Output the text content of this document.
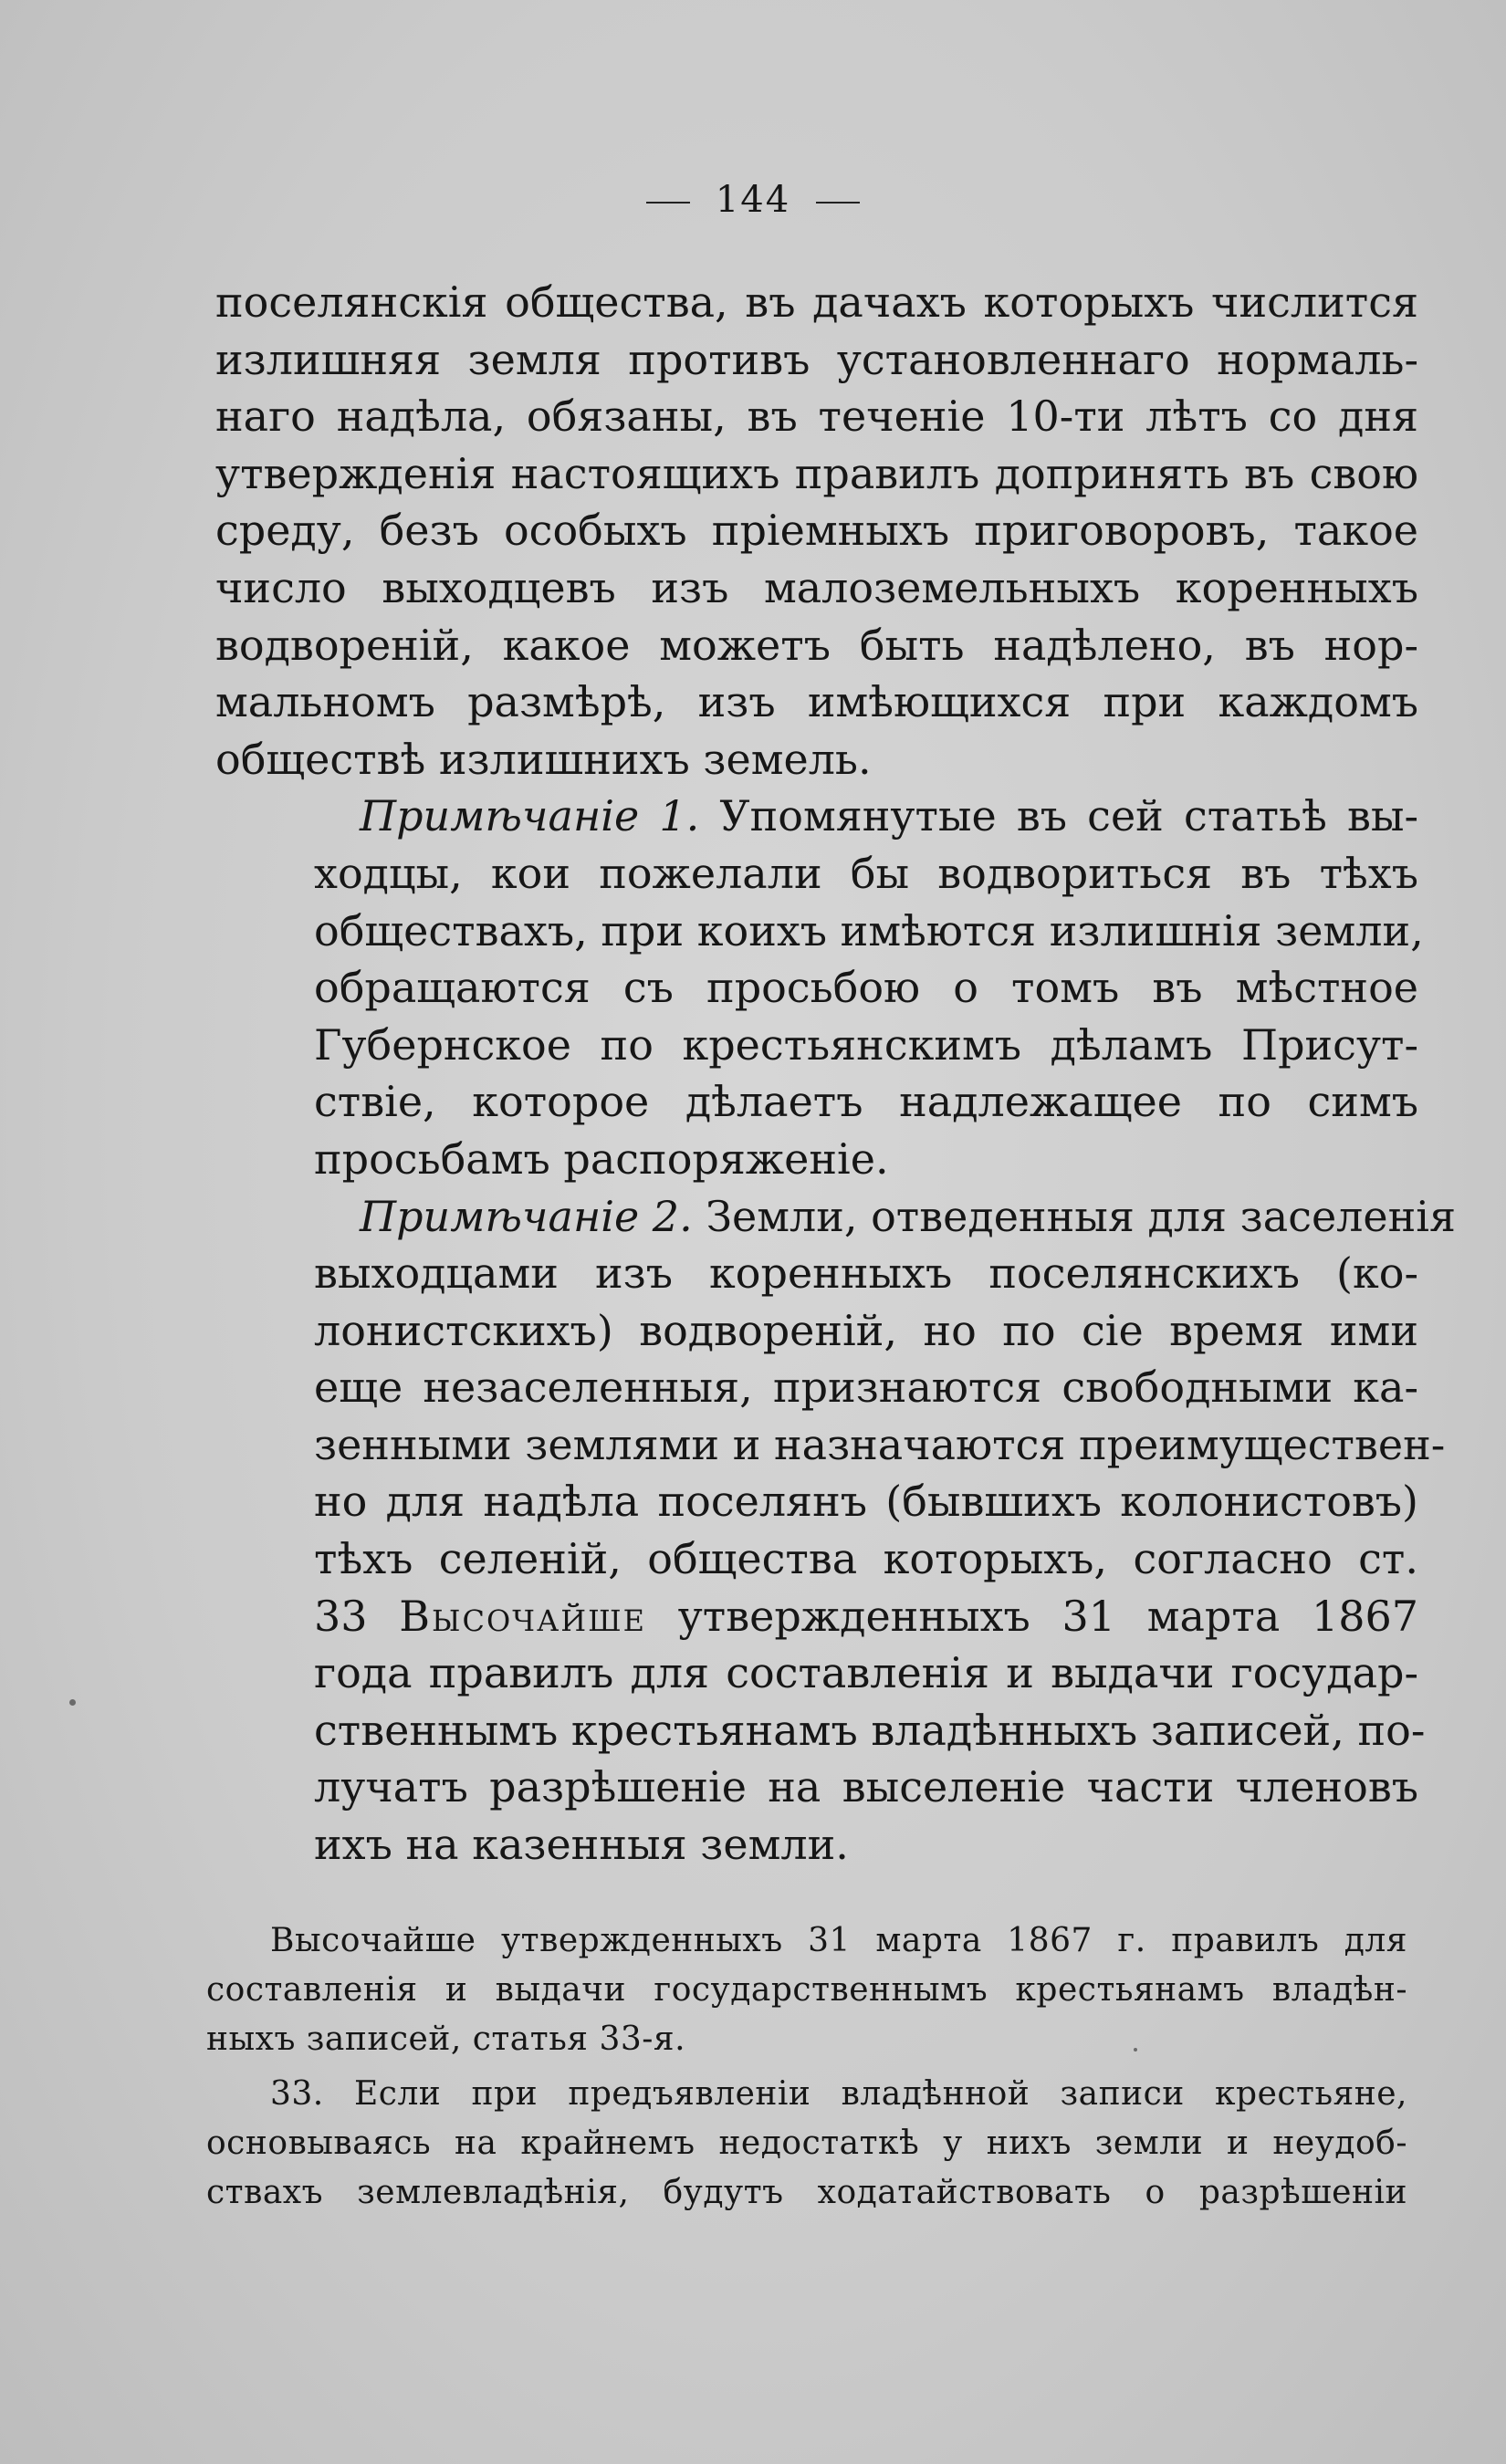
144
поселянскія общества, въ дачахъ которыхъ числится
излишняя земля противъ установленнаго нормаль-
наго надѣла, обязаны, въ теченіе 10-ти лѣтъ со дня
утвержденія настоящихъ правилъ допринять въ свою
среду, безъ особыхъ пріемныхъ приговоровъ, такое
число выходцевъ изъ малоземельныхъ коренныхъ
водвореній, какое можетъ быть надѣлено, въ нор-
мальномъ размѣрѣ, изъ имѣющихся при каждомъ
обществѣ излишнихъ земель.
Примѣчаніе 1. Упомянутые въ сей статьѣ вы-
ходцы, кои пожелали бы водвориться въ тѣхъ
обществахъ, при коихъ имѣются излишнія земли,
обращаются съ просьбою о томъ въ мѣстное
Губернское по крестьянскимъ дѣламъ Присут-
ствіе, которое дѣлаетъ надлежащее по симъ
просьбамъ распоряженіе.
Примѣчаніе 2. Земли, отведенныя для заселенія
выходцами изъ коренныхъ поселянскихъ (ко-
лонистскихъ) водвореній, но по сіе время ими
еще незаселенныя, признаются свободными ка-
зенными землями и назначаются преимуществен-
но для надѣла поселянъ (бывшихъ колонистовъ)
тѣхъ селеній, общества которыхъ, согласно ст.
33 Высочайше утвержденныхъ 31 марта 1867
года правилъ для составленія и выдачи государ-
ственнымъ крестьянамъ владѣнныхъ записей, по-
лучатъ разрѣшеніе на выселеніе части членовъ
ихъ на казенныя земли.
Высочайше утвержденныхъ 31 марта 1867 г. правилъ для
составленія и выдачи государственнымъ крестьянамъ владѣн-
ныхъ записей, статья 33-я.
33. Если при предъявленіи владѣнной записи крестьяне,
основываясь на крайнемъ недостаткѣ у нихъ земли и неудоб-
ствахъ землевладѣнія, будутъ ходатайствовать о разрѣшеніи
